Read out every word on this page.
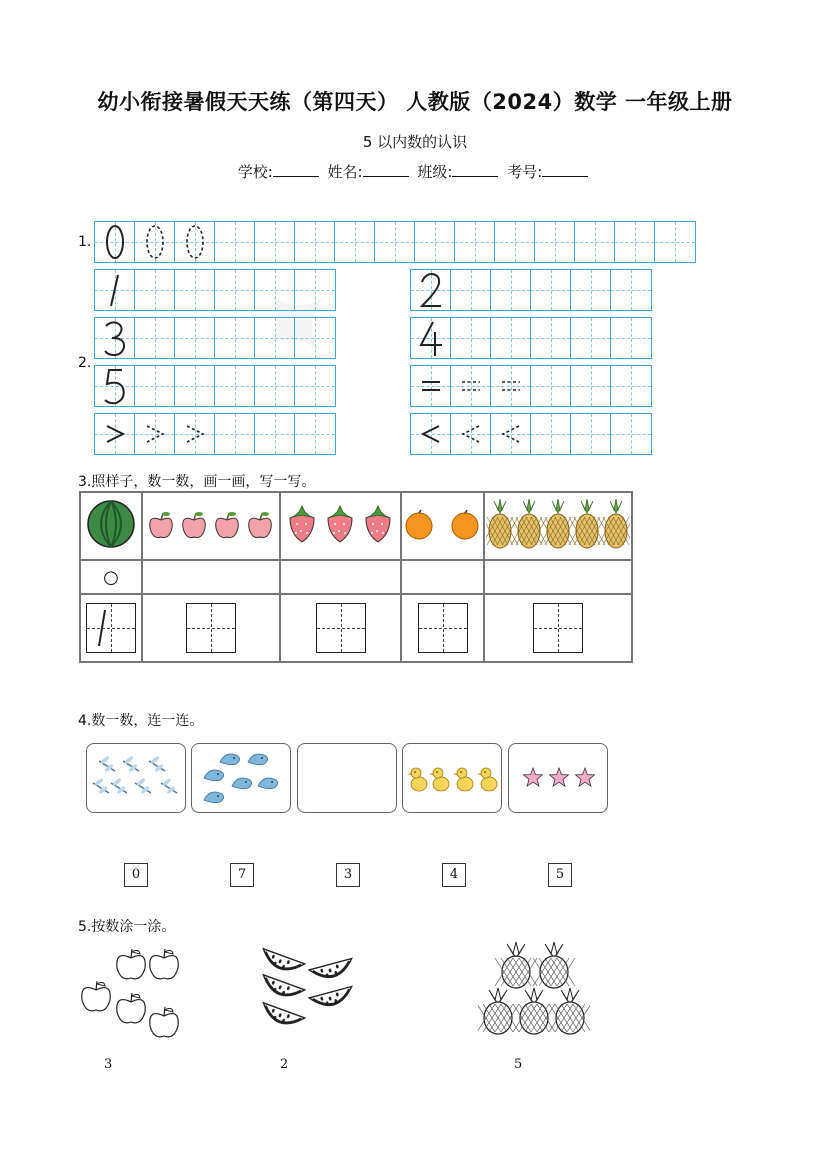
幼小衔接暑假天天练（第四天） 人教版（2024）数学 一年级上册
5 以内数的认识
学校:	姓名:	班级:	考号:
1.
2.
3.照样子，数一数，画一画，写一写。

○				

4.数一数，连一连。
0	7	3	4	5
5.按数涂一涂。
3	2	5
